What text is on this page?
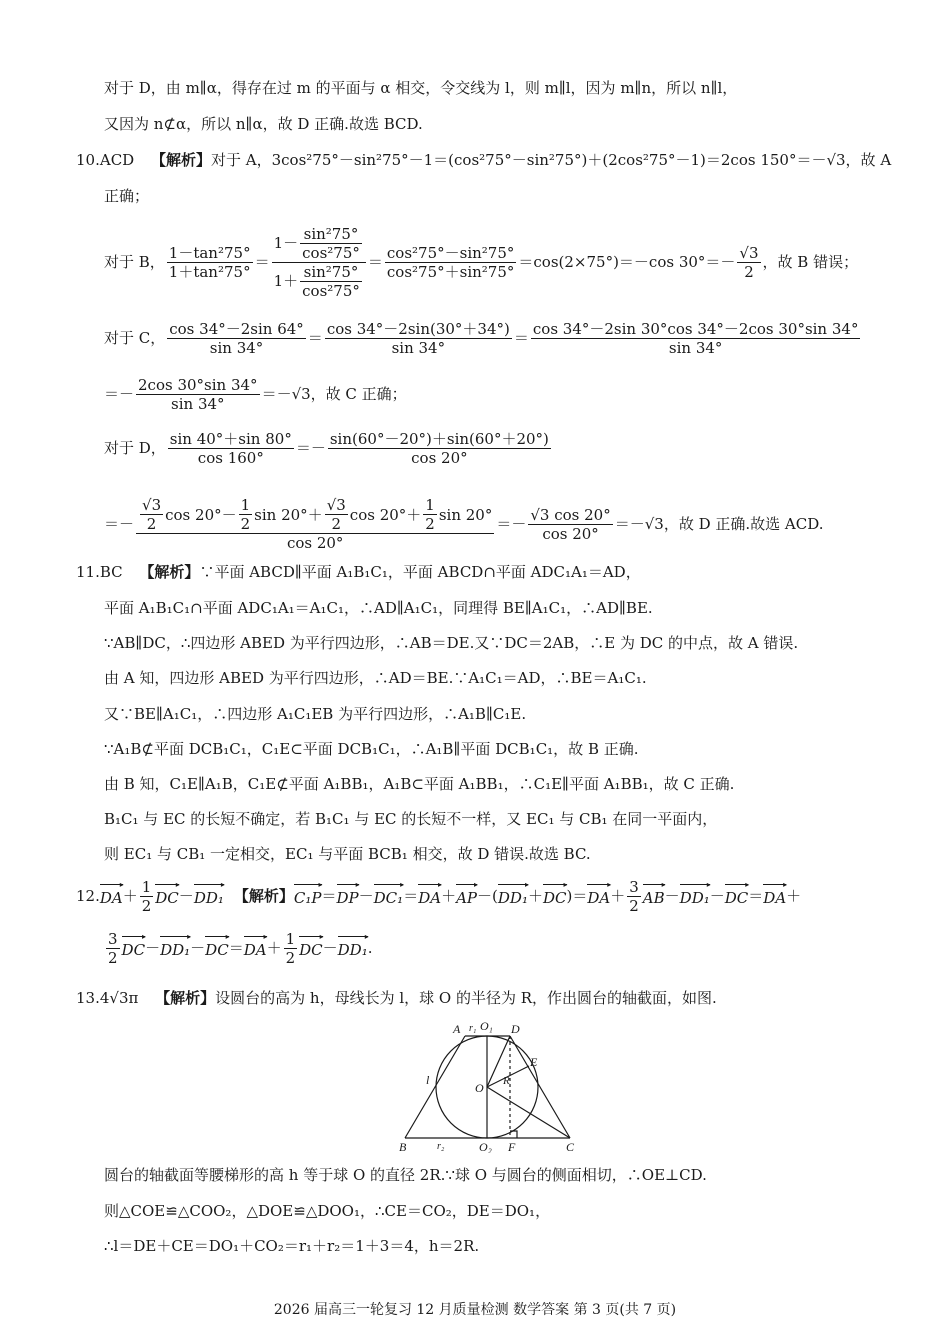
对于 D，由 m∥α，得存在过 m 的平面与 α 相交，令交线为 l，则 m∥l，因为 m∥n，所以 n∥l，
又因为 n⊄α，所以 n∥α，故 D 正确.故选 BCD.
10.ACD 【解析】对于 A，3cos²75°－sin²75°－1＝(cos²75°－sin²75°)＋(2cos²75°－1)＝2cos 150°＝－√3，故 A
正确；
对于 B， $\frac{\text{1－tan²75°}}{\text{1＋tan²75°}} = \frac{1- \frac{\text{sin²75°}}{\text{cos²75°}}}{1+ \frac{\text{sin²75°}}{\text{cos²75°}}} = \frac{\text{cos²75°－sin²75°}}{\text{cos²75°＋sin²75°}} =\cos(2\times 75^\circ)=-\cos$ $30^\circ=- \frac{√3}{2}$ ，故 B 错误；
对于 C， $\frac{\cos 34^\circ-2\sin 64^\circ}{\sin 34^\circ} = \frac{\cos 34^\circ-2\sin(30^\circ+34^\circ)}{\sin 34^\circ} = \frac{\cos 34^\circ-2\sin 30^\circ\cos 34^\circ-2\cos 30^\circ\sin 34^\circ}{\sin 34^\circ}$
＝－ $\frac{2\cos 30^\circ\sin 34^\circ}{\sin 34^\circ} =-√3$，故 C 正确；
对于 D， $\frac{\sin 40^\circ+\sin 80^\circ}{\cos 160^\circ} =- \frac{\sin(60^\circ-20^\circ)+\sin(60^\circ+20^\circ)}{\cos 20^\circ}$
＝－ $\frac{√3}{2}$ $\cos 20^\circ- \frac{1}{2}$ $\sin 20^\circ+ \frac{√3}{2}$ $\cos 20^\circ+ \frac{1}{2}$ sin 20°
cos 20°
＝－ $\frac{√3 \cos 20^\circ}{\cos 20^\circ} =-√3$，故 D 正确.故选 ACD.
11.BC 【解析】∵平面 ABCD∥平面 A₁B₁C₁，平面 ABCD∩平面 ADC₁A₁＝AD，
平面 A₁B₁C₁∩平面 ADC₁A₁＝A₁C₁，∴AD∥A₁C₁，同理得 BE∥A₁C₁，∴AD∥BE.
∵AB∥DC，∴四边形 ABED 为平行四边形，∴AB＝DE.又∵DC＝2AB，∴E 为 DC 的中点，故 A 错误.
由 A 知，四边形 ABED 为平行四边形，∴AD＝BE.∵A₁C₁＝AD，∴BE＝A₁C₁.
又∵BE∥A₁C₁，∴四边形 A₁C₁EB 为平行四边形，∴A₁B∥C₁E.
∵A₁B⊄平面 DCB₁C₁，C₁E⊂平面 DCB₁C₁，∴A₁B∥平面 DCB₁C₁，故 B 正确.
由 B 知，C₁E∥A₁B，C₁E⊄平面 A₁BB₁，A₁B⊂平面 A₁BB₁，∴C₁E∥平面 A₁BB₁，故 C 正确.
B₁C₁ 与 EC 的长短不确定，若 B₁C₁ 与 EC 的长短不一样，又 EC₁ 与 CB₁ 在同一平面内，
则 EC₁ 与 CB₁ 一定相交，EC₁ 与平面 BCB₁ 相交，故 D 错误.故选 BC.
12. DA
▸
＋ $\frac{1}{2}$ DC
▸
－ DD₁
▸
【解析】 C₁P
▸
＝ DP
▸
－ DC₁
▸
＝ DA
▸
＋ AP
▸
－ ( DD₁
▸
＋ DC
▸
) ＝ DA
▸
＋ $\frac{3}{2}$ AB
▸
－ DD₁
▸
－ DC
▸
＝ DA
▸
＋
$\frac{3}{2}$ DC
▸
－ DD₁
▸
－ DC
▸
＝ DA
▸
＋ $\frac{1}{2}$ DC
▸
－ DD₁
▸
.
13.4√3π 【解析】设圆台的高为 h，母线长为 l，球 O 的半径为 R，作出圆台的轴截面，如图.
A r₁ O₁ D
l
E
O R
B	r₂	O₂ F	C
圆台的轴截面等腰梯形的高 h 等于球 O 的直径 2R.∵球 O 与圆台的侧面相切，∴OE⊥CD.
则△COE≌△COO₂，△DOE≌△DOO₁，∴CE＝CO₂，DE＝DO₁，
∴l＝DE＋CE＝DO₁＋CO₂＝r₁＋r₂＝1＋3＝4，h＝2R.
2026 届高三一轮复习 12 月质量检测 数学答案 第 3 页(共 7 页)
